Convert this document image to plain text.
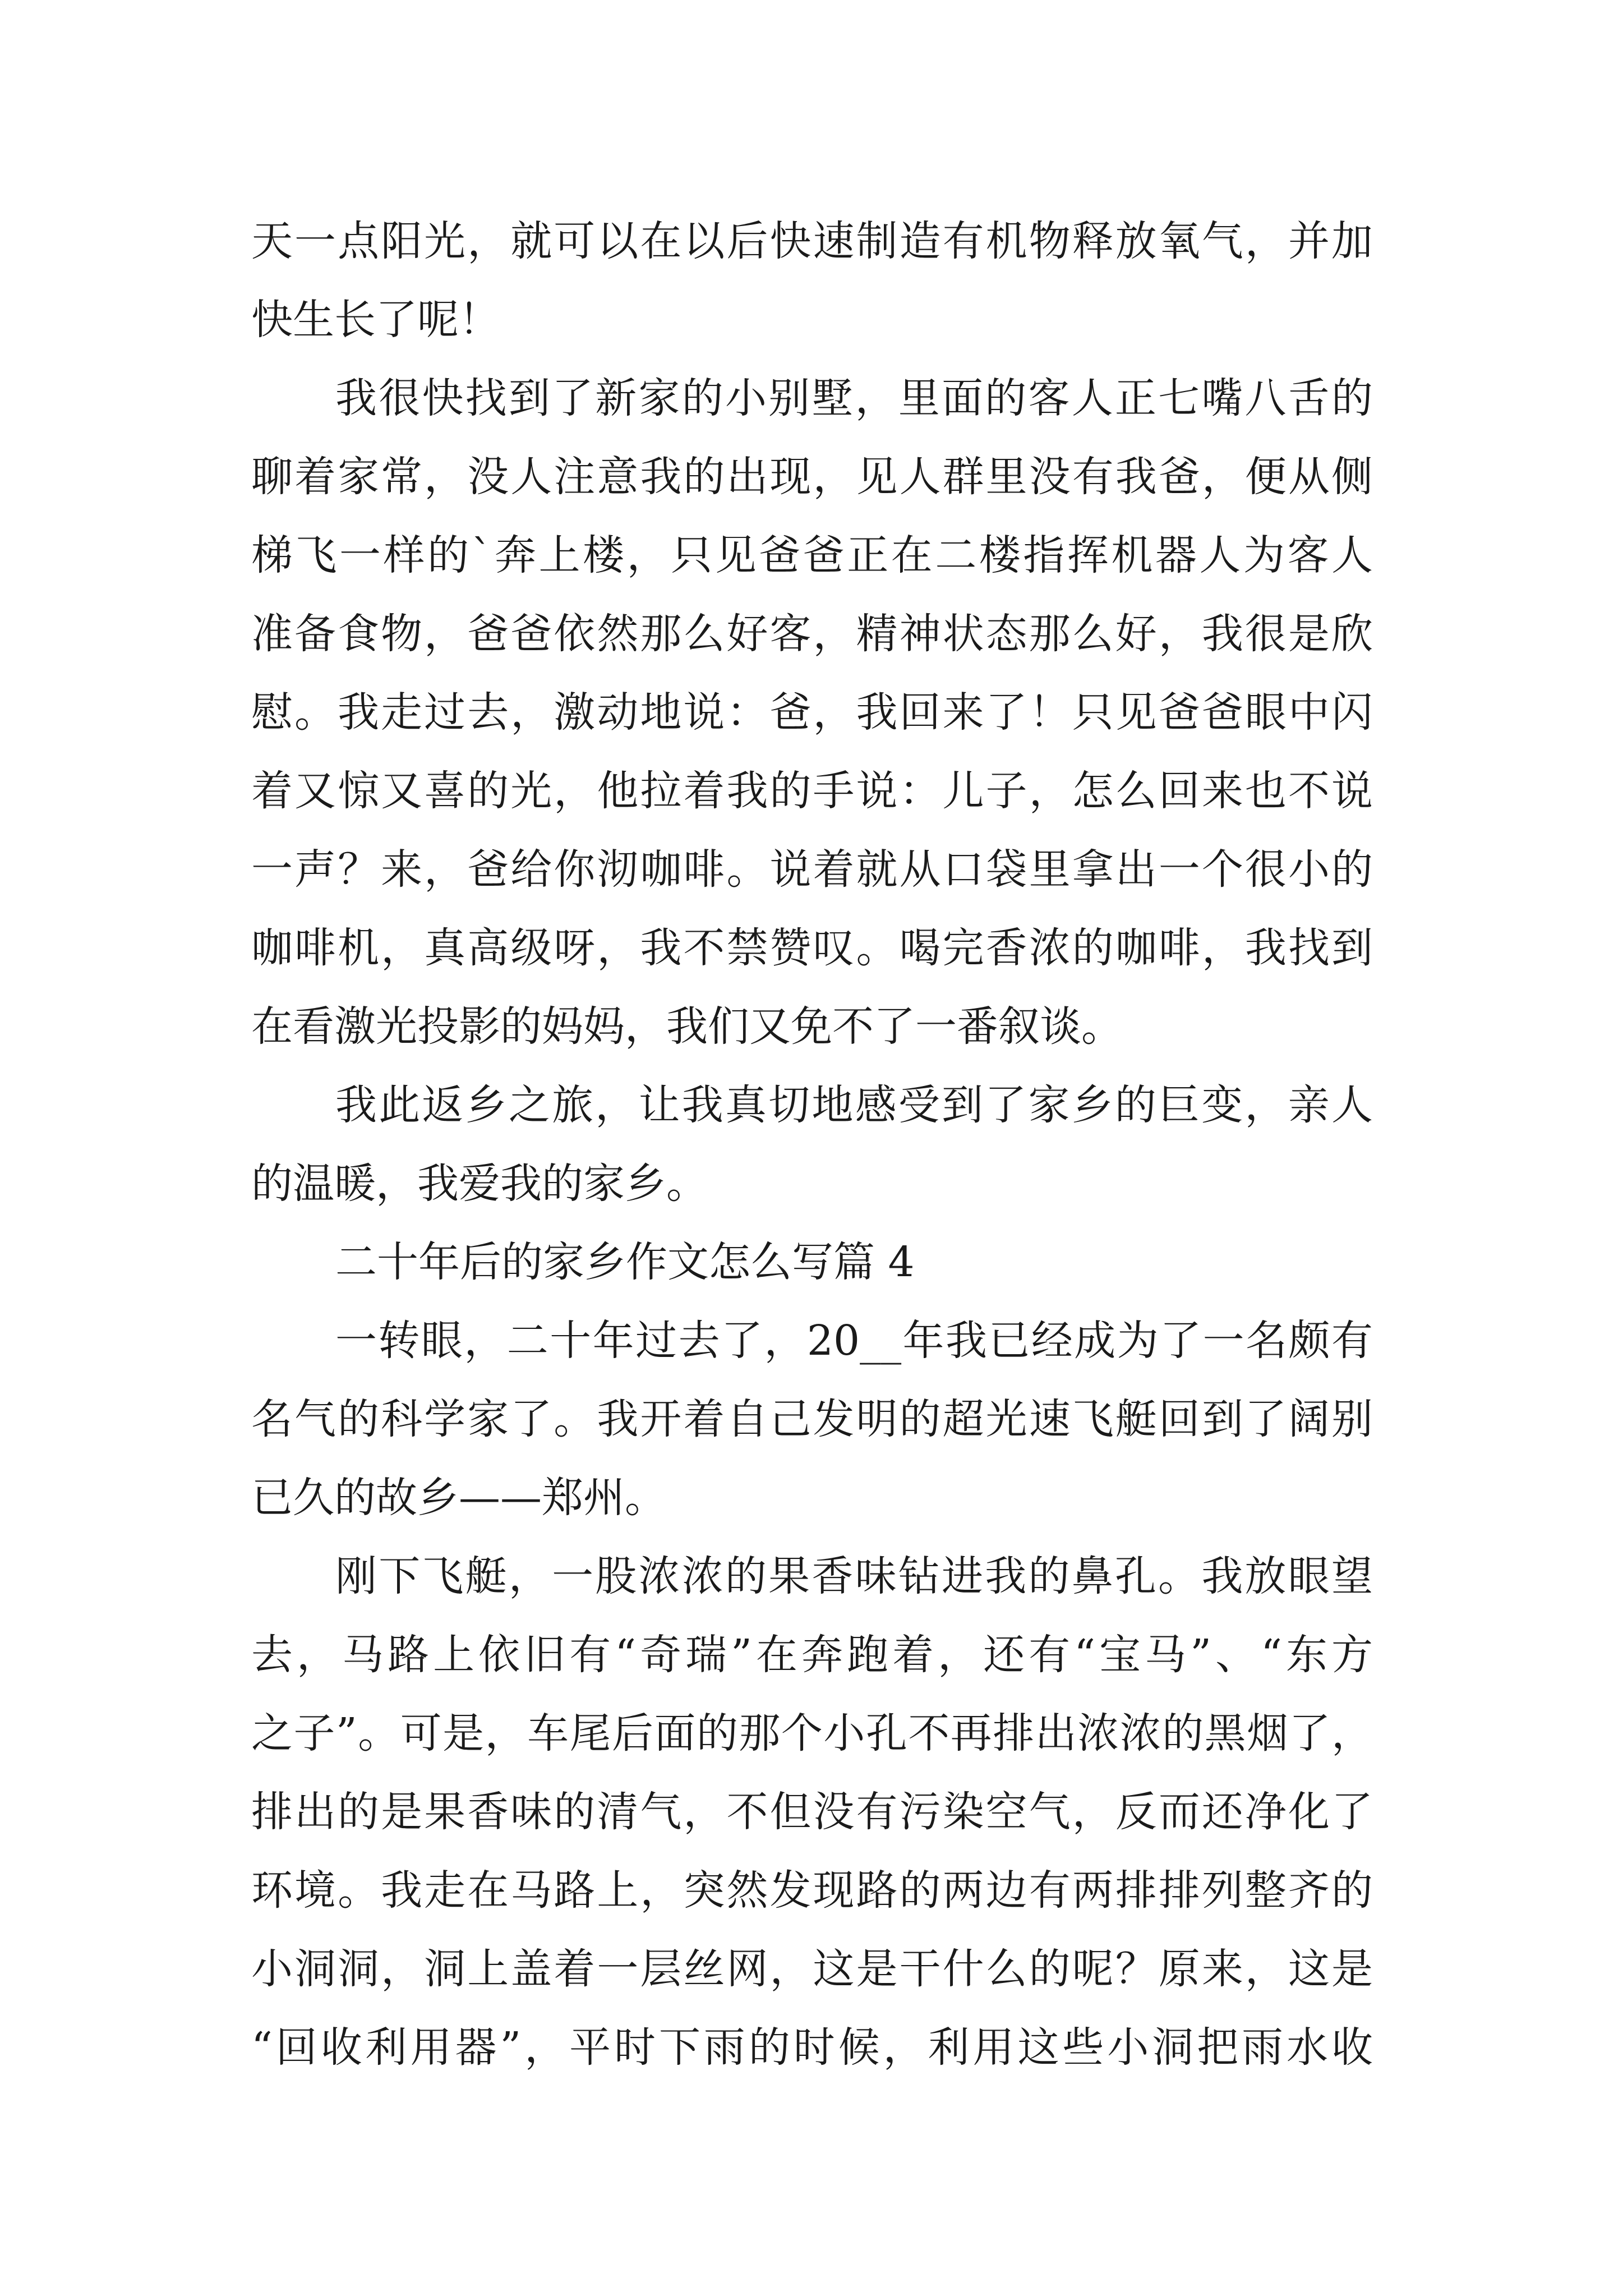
天一点阳光，就可以在以后快速制造有机物释放氧气，并加
快生长了呢！
我很快找到了新家的小别墅，里面的客人正七嘴八舌的
聊着家常，没人注意我的出现，见人群里没有我爸，便从侧
梯飞一样的`奔上楼，只见爸爸正在二楼指挥机器人为客人
准备食物，爸爸依然那么好客，精神状态那么好，我很是欣
慰。我走过去，激动地说：爸，我回来了！只见爸爸眼中闪
着又惊又喜的光，他拉着我的手说：儿子，怎么回来也不说
一声？来，爸给你沏咖啡。说着就从口袋里拿出一个很小的
咖啡机，真高级呀，我不禁赞叹。喝完香浓的咖啡，我找到
在看激光投影的妈妈，我们又免不了一番叙谈。
我此返乡之旅，让我真切地感受到了家乡的巨变，亲人
的温暖，我爱我的家乡。
二十年后的家乡作文怎么写篇 4
一转眼，二十年过去了，20__年我已经成为了一名颇有
名气的科学家了。我开着自己发明的超光速飞艇回到了阔别
已久的故乡——郑州。
刚下飞艇，一股浓浓的果香味钻进我的鼻孔。我放眼望
去，马路上依旧有“奇瑞”在奔跑着，还有“宝马”、“东方
之子”。可是，车尾后面的那个小孔不再排出浓浓的黑烟了，
排出的是果香味的清气，不但没有污染空气，反而还净化了
环境。我走在马路上，突然发现路的两边有两排排列整齐的
小洞洞，洞上盖着一层丝网，这是干什么的呢？原来，这是
“回收利用器”，平时下雨的时候，利用这些小洞把雨水收
